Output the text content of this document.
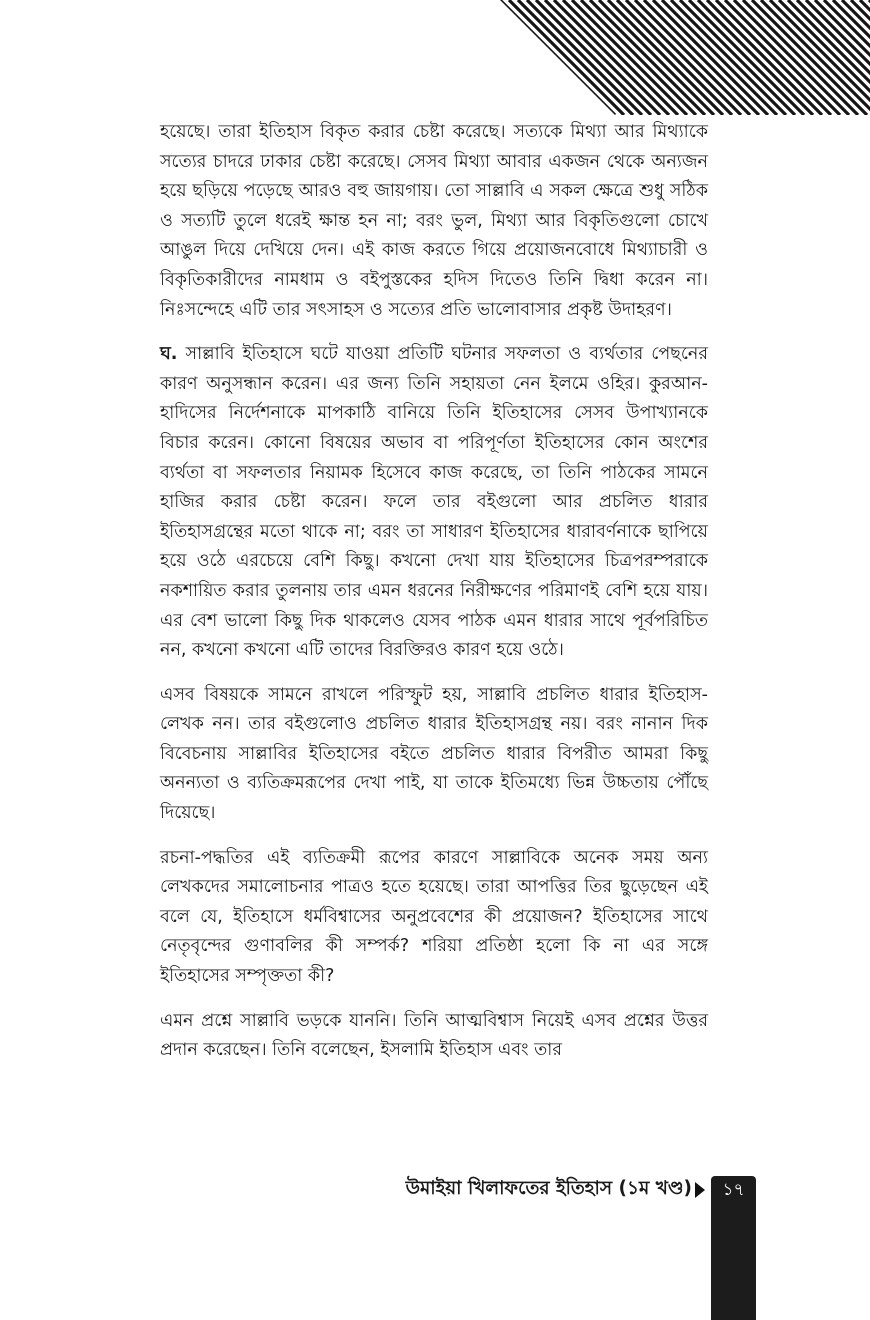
হয়েছে। তারা ইতিহাস বিকৃত করার চেষ্টা করেছে। সত্যকে মিথ্যা আর মিথ্যাকে সত্যের চাদরে ঢাকার চেষ্টা করেছে। সেসব মিথ্যা আবার একজন থেকে অন্যজন হয়ে ছড়িয়ে পড়েছে আরও বহু জায়গায়। তো সাল্লাবি এ সকল ক্ষেত্রে শুধু সঠিক ও সত্যটি তুলে ধরেই ক্ষান্ত হন না; বরং ভুল, মিথ্যা আর বিকৃতিগুলো চোখে আঙুল দিয়ে দেখিয়ে দেন। এই কাজ করতে গিয়ে প্রয়োজনবোধে মিথ্যাচারী ও বিকৃতিকারীদের নামধাম ও বইপুস্তকের হদিস দিতেও তিনি দ্বিধা করেন না। নিঃসন্দেহে এটি তার সৎসাহস ও সত্যের প্রতি ভালোবাসার প্রকৃষ্ট উদাহরণ।

ঘ. সাল্লাবি ইতিহাসে ঘটে যাওয়া প্রতিটি ঘটনার সফলতা ও ব্যর্থতার পেছনের কারণ অনুসন্ধান করেন। এর জন্য তিনি সহায়তা নেন ইলমে ওহির। কুরআন-হাদিসের নির্দেশনাকে মাপকাঠি বানিয়ে তিনি ইতিহাসের সেসব উপাখ্যানকে বিচার করেন। কোনো বিষয়ের অভাব বা পরিপূর্ণতা ইতিহাসের কোন অংশের ব্যর্থতা বা সফলতার নিয়ামক হিসেবে কাজ করেছে, তা তিনি পাঠকের সামনে হাজির করার চেষ্টা করেন। ফলে তার বইগুলো আর প্রচলিত ধারার ইতিহাসগ্রন্থের মতো থাকে না; বরং তা সাধারণ ইতিহাসের ধারাবর্ণনাকে ছাপিয়ে হয়ে ওঠে এরচেয়ে বেশি কিছু। কখনো দেখা যায় ইতিহাসের চিত্রপরম্পরাকে নকশায়িত করার তুলনায় তার এমন ধরনের নিরীক্ষণের পরিমাণই বেশি হয়ে যায়। এর বেশ ভালো কিছু দিক থাকলেও যেসব পাঠক এমন ধারার সাথে পূর্বপরিচিত নন, কখনো কখনো এটি তাদের বিরক্তিরও কারণ হয়ে ওঠে।

এসব বিষয়কে সামনে রাখলে পরিস্ফুট হয়, সাল্লাবি প্রচলিত ধারার ইতিহাস-লেখক নন। তার বইগুলোও প্রচলিত ধারার ইতিহাসগ্রন্থ নয়। বরং নানান দিক বিবেচনায় সাল্লাবির ইতিহাসের বইতে প্রচলিত ধারার বিপরীত আমরা কিছু অনন্যতা ও ব্যতিক্রমরূপের দেখা পাই, যা তাকে ইতিমধ্যে ভিন্ন উচ্চতায় পৌঁছে দিয়েছে।

রচনা-পদ্ধতির এই ব্যতিক্রমী রূপের কারণে সাল্লাবিকে অনেক সময় অন্য লেখকদের সমালোচনার পাত্রও হতে হয়েছে। তারা আপত্তির তির ছুড়েছেন এই বলে যে, ইতিহাসে ধর্মবিশ্বাসের অনুপ্রবেশের কী প্রয়োজন? ইতিহাসের সাথে নেতৃবৃন্দের গুণাবলির কী সম্পর্ক? শরিয়া প্রতিষ্ঠা হলো কি না এর সঙ্গে ইতিহাসের সম্পৃক্ততা কী?

এমন প্রশ্নে সাল্লাবি ভড়কে যাননি। তিনি আত্মবিশ্বাস নিয়েই এসব প্রশ্নের উত্তর প্রদান করেছেন। তিনি বলেছেন, ইসলামি ইতিহাস এবং তার

উমাইয়া খিলাফতের ইতিহাস (১ম খণ্ড)	১৭
